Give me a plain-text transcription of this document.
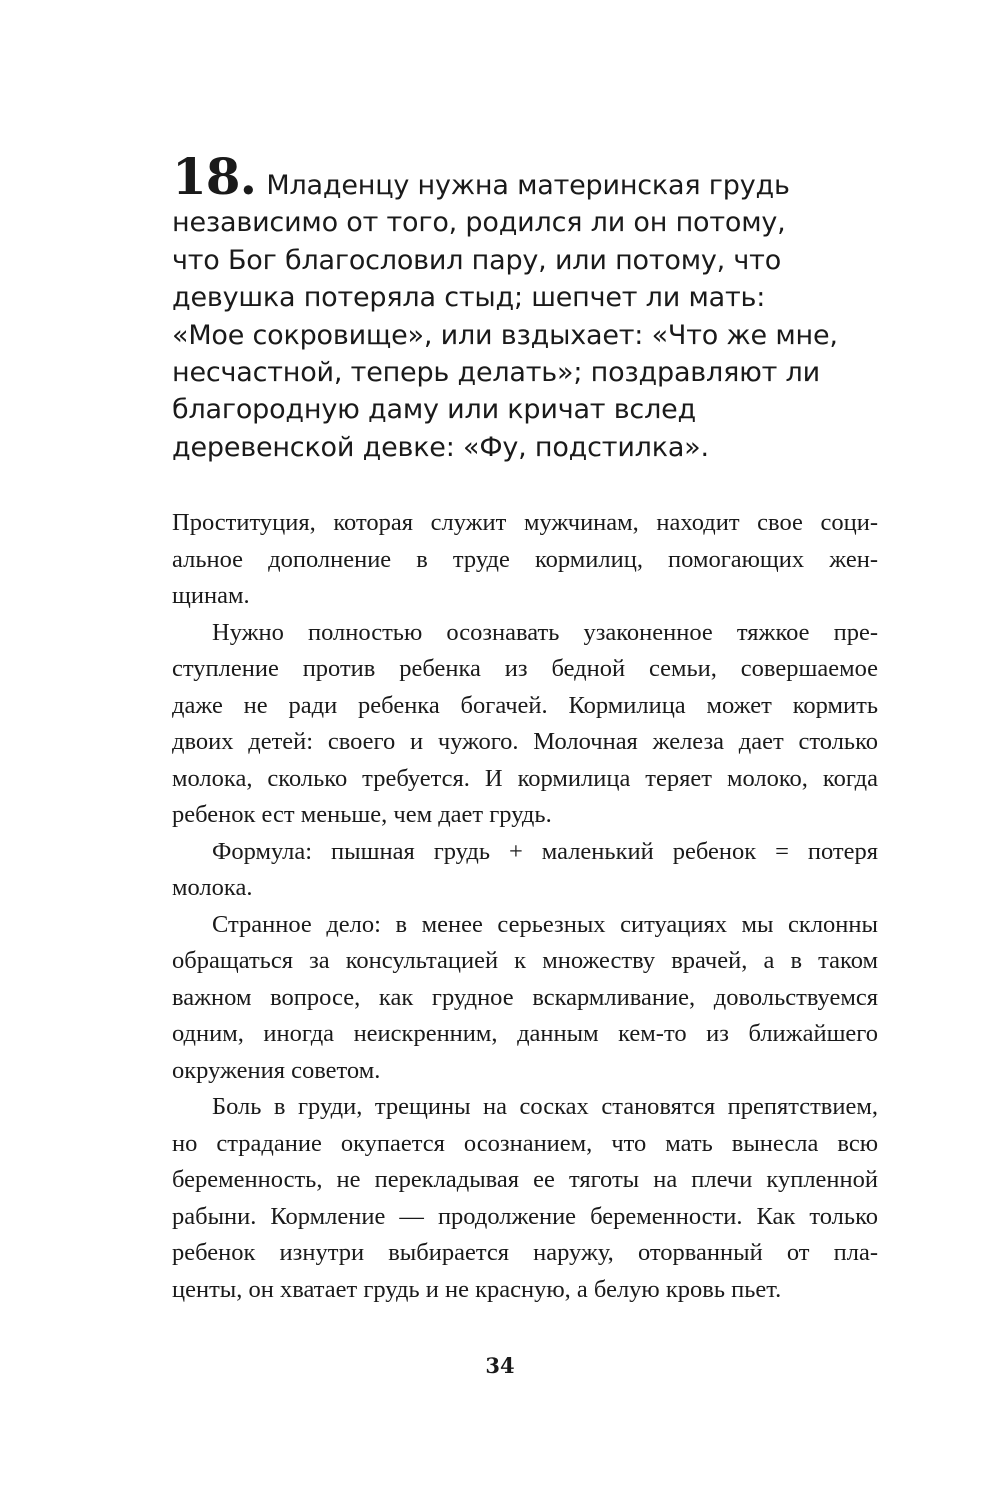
18. Младенцу нужна материнская грудь
независимо от того, родился ли он потому,
что Бог благословил пару, или потому, что
девушка потеряла стыд; шепчет ли мать:
«Мое сокровище», или вздыхает: «Что же мне,
несчастной, теперь делать»; поздравляют ли
благородную даму или кричат вслед
деревенской девке: «Фу, подстилка».
Проституция, которая служит мужчинам, находит свое соци-
альное дополнение в труде кормилиц, помогающих жен-
щинам.
Нужно полностью осознавать узаконенное тяжкое пре-
ступление против ребенка из бедной семьи, совершаемое
даже не ради ребенка богачей. Кормилица может кормить
двоих детей: своего и чужого. Молочная железа дает столько
молока, сколько требуется. И кормилица теряет молоко, когда
ребенок ест меньше, чем дает грудь.
Формула: пышная грудь + маленький ребенок = потеря
молока.
Странное дело: в менее серьезных ситуациях мы склонны
обращаться за консультацией к множеству врачей, а в таком
важном вопросе, как грудное вскармливание, довольствуемся
одним, иногда неискренним, данным кем-то из ближайшего
окружения советом.
Боль в груди, трещины на сосках становятся препятствием,
но страдание окупается осознанием, что мать вынесла всю
беременность, не перекладывая ее тяготы на плечи купленной
рабыни. Кормление — продолжение беременности. Как только
ребенок изнутри выбирается наружу, оторванный от пла-
центы, он хватает грудь и не красную, а белую кровь пьет.
34
